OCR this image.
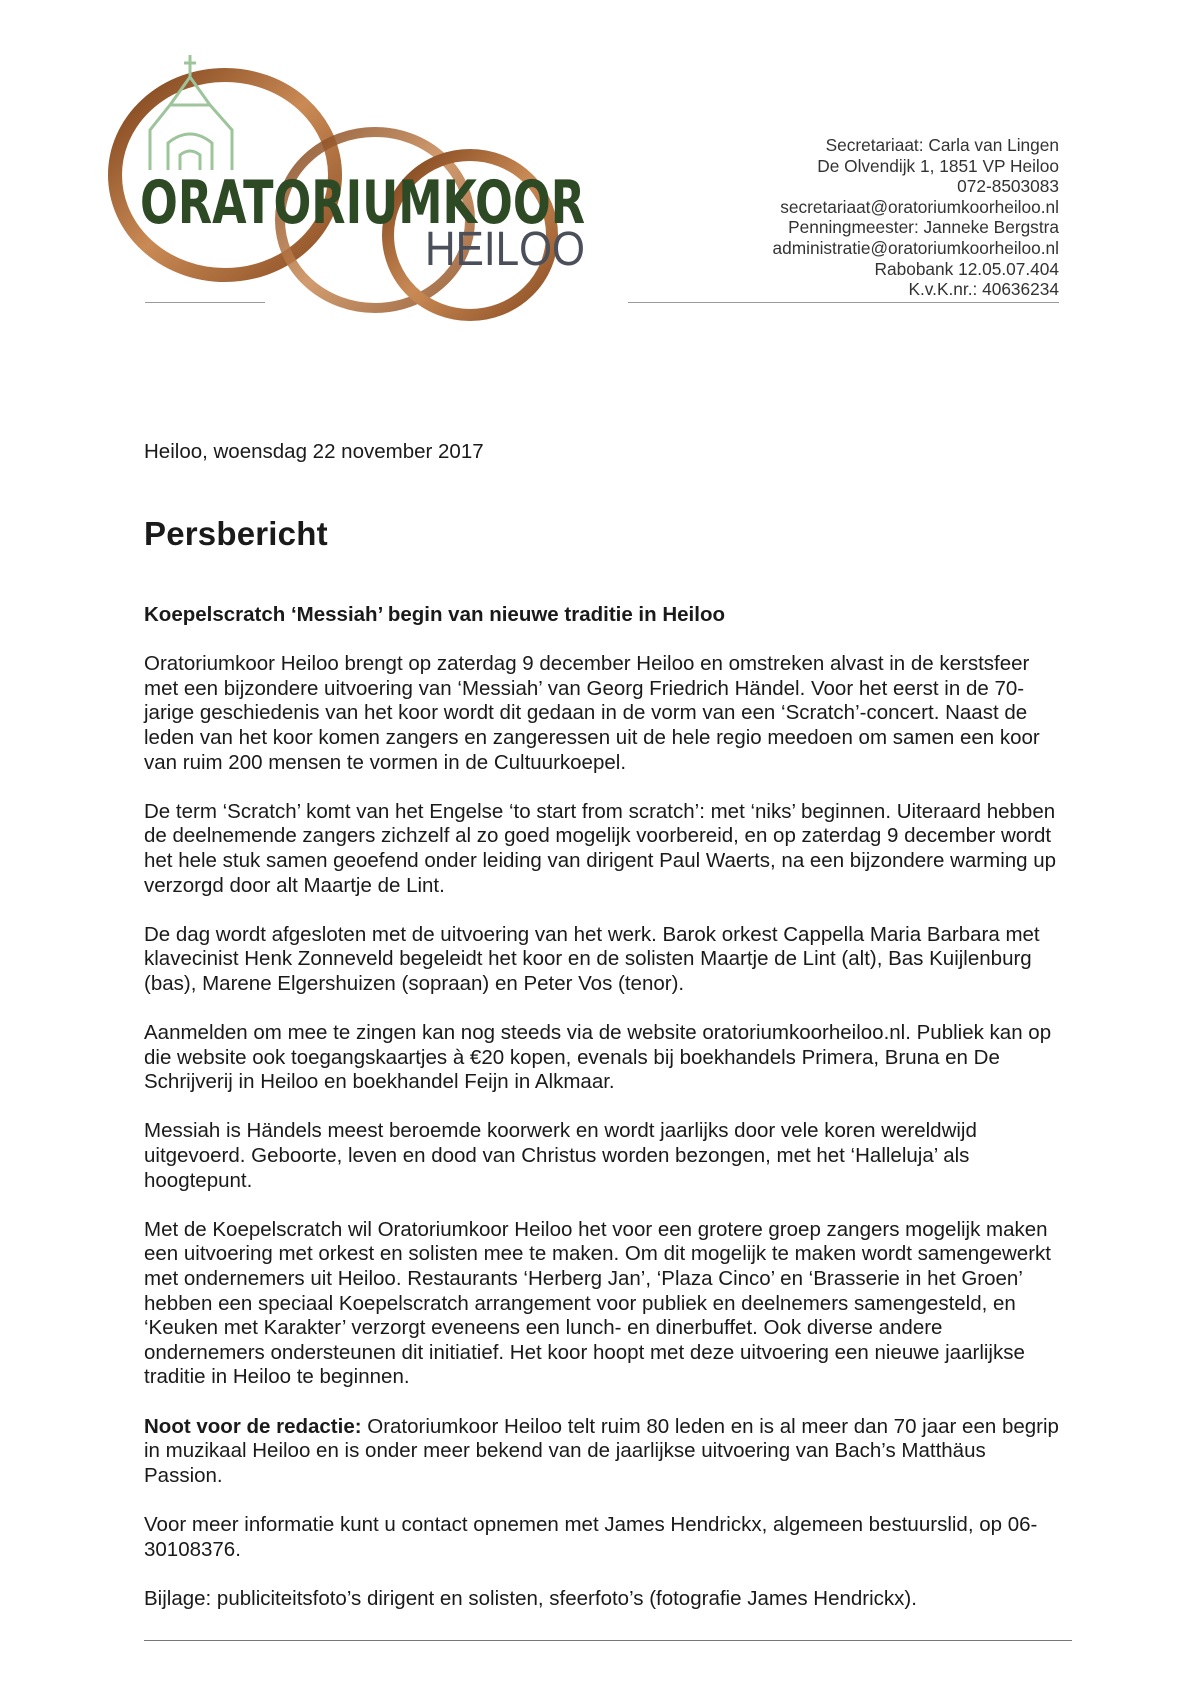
ORATORIUMKOOR
HEILOO
Secretariaat: Carla van Lingen
De Olvendijk 1, 1851 VP Heiloo
072-8503083
secretariaat@oratoriumkoorheiloo.nl
Penningmeester: Janneke Bergstra
administratie@oratoriumkoorheiloo.nl
Rabobank 12.05.07.404
K.v.K.nr.: 40636234
Heiloo, woensdag 22 november 2017
Persbericht

Koepelscratch ‘Messiah’ begin van nieuwe traditie in Heiloo

Oratoriumkoor Heiloo brengt op zaterdag 9 december Heiloo en omstreken alvast in de kerstsfeer met een bijzondere uitvoering van ‘Messiah’ van Georg Friedrich Händel. Voor het eerst in de 70-jarige geschiedenis van het koor wordt dit gedaan in de vorm van een ‘Scratch’-concert. Naast de leden van het koor komen zangers en zangeressen uit de hele regio meedoen om samen een koor van ruim 200 mensen te vormen in de Cultuurkoepel.

De term ‘Scratch’ komt van het Engelse ‘to start from scratch’: met ‘niks’ beginnen. Uiteraard hebben de deelnemende zangers zichzelf al zo goed mogelijk voorbereid, en op zaterdag 9 december wordt het hele stuk samen geoefend onder leiding van dirigent Paul Waerts, na een bijzondere warming up verzorgd door alt Maartje de Lint.

De dag wordt afgesloten met de uitvoering van het werk. Barok orkest Cappella Maria Barbara met klavecinist Henk Zonneveld begeleidt het koor en de solisten Maartje de Lint (alt), Bas Kuijlenburg (bas), Marene Elgershuizen (sopraan) en Peter Vos (tenor).

Aanmelden om mee te zingen kan nog steeds via de website oratoriumkoorheiloo.nl. Publiek kan op die website ook toegangskaartjes à €20 kopen, evenals bij boekhandels Primera, Bruna en De Schrijverij in Heiloo en boekhandel Feijn in Alkmaar.

Messiah is Händels meest beroemde koorwerk en wordt jaarlijks door vele koren wereldwijd uitgevoerd. Geboorte, leven en dood van Christus worden bezongen, met het ‘Halleluja’ als hoogtepunt.

Met de Koepelscratch wil Oratoriumkoor Heiloo het voor een grotere groep zangers mogelijk maken een uitvoering met orkest en solisten mee te maken. Om dit mogelijk te maken wordt samengewerkt met ondernemers uit Heiloo. Restaurants ‘Herberg Jan’, ‘Plaza Cinco’ en ‘Brasserie in het Groen’ hebben een speciaal Koepelscratch arrangement voor publiek en deelnemers samengesteld, en ‘Keuken met Karakter’ verzorgt eveneens een lunch- en dinerbuffet. Ook diverse andere ondernemers ondersteunen dit initiatief. Het koor hoopt met deze uitvoering een nieuwe jaarlijkse traditie in Heiloo te beginnen.

Noot voor de redactie: Oratoriumkoor Heiloo telt ruim 80 leden en is al meer dan 70 jaar een begrip in muzikaal Heiloo en is onder meer bekend van de jaarlijkse uitvoering van Bach’s Matthäus Passion.

Voor meer informatie kunt u contact opnemen met James Hendrickx, algemeen bestuurslid, op 06-30108376.

Bijlage: publiciteitsfoto’s dirigent en solisten, sfeerfoto’s (fotografie James Hendrickx).
